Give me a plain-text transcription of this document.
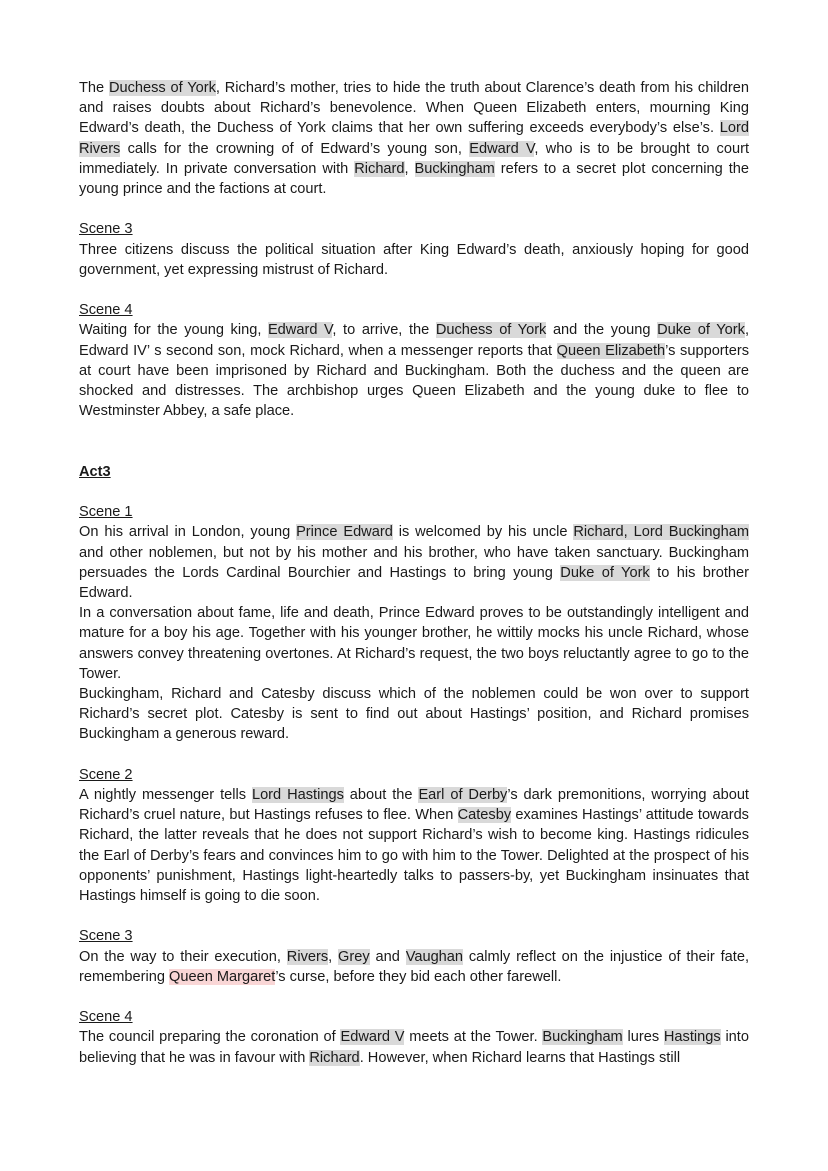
The Duchess of York, Richard’s mother, tries to hide the truth about Clarence’s death from his children and raises doubts about Richard’s benevolence. When Queen Elizabeth enters, mourning King Edward’s death, the Duchess of York claims that her own suffering exceeds everybody’s else’s. Lord Rivers calls for the crowning of of Edward’s young son, Edward V, who is to be brought to court immediately. In private conversation with Richard, Buckingham refers to a secret plot concerning the young prince and the factions at court.

Scene 3

Three citizens discuss the political situation after King Edward’s death, anxiously hoping for good government, yet expressing mistrust of Richard.

Scene 4

Waiting for the young king, Edward V, to arrive, the Duchess of York and the young Duke of York, Edward IV’ s second son, mock Richard, when a messenger reports that Queen Elizabeth’s supporters at court have been imprisoned by Richard and Buckingham. Both the duchess and the queen are shocked and distresses. The archbishop urges Queen Elizabeth and the young duke to flee to Westminster Abbey, a safe place.

Act3

Scene 1

On his arrival in London, young Prince Edward is welcomed by his uncle Richard, Lord Buckingham and other noblemen, but not by his mother and his brother, who have taken sanctuary. Buckingham persuades the Lords Cardinal Bourchier and Hastings to bring young Duke of York to his brother Edward.

In a conversation about fame, life and death, Prince Edward proves to be outstandingly intelligent and mature for a boy his age. Together with his younger brother, he wittily mocks his uncle Richard, whose answers convey threatening overtones. At Richard’s request, the two boys reluctantly agree to go to the Tower.

Buckingham, Richard and Catesby discuss which of the noblemen could be won over to support Richard’s secret plot. Catesby is sent to find out about Hastings’ position, and Richard promises Buckingham a generous reward.

Scene 2

A nightly messenger tells Lord Hastings about the Earl of Derby’s dark premonitions, worrying about Richard’s cruel nature, but Hastings refuses to flee. When Catesby examines Hastings’ attitude towards Richard, the latter reveals that he does not support Richard’s wish to become king. Hastings ridicules the Earl of Derby’s fears and convinces him to go with him to the Tower. Delighted at the prospect of his opponents’ punishment, Hastings light-heartedly talks to passers-by, yet Buckingham insinuates that Hastings himself is going to die soon.

Scene 3

On the way to their execution, Rivers, Grey and Vaughan calmly reflect on the injustice of their fate, remembering Queen Margaret’s curse, before they bid each other farewell.

Scene 4

The council preparing the coronation of Edward V meets at the Tower. Buckingham lures Hastings into believing that he was in favour with Richard. However, when Richard learns that Hastings still
